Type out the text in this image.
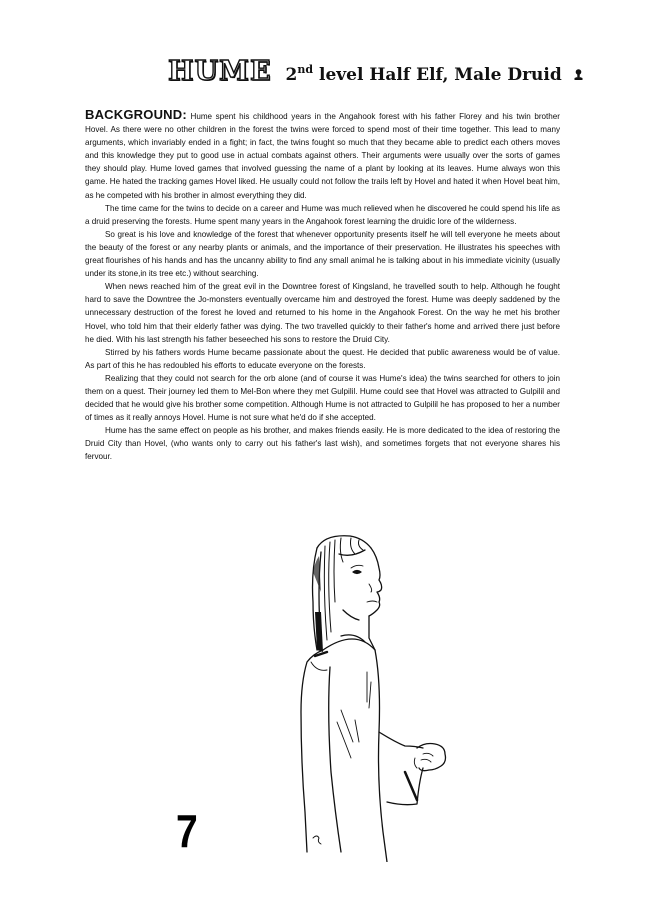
HUME 2nd level Half Elf, Male Druid

BACKGROUND: Hume spent his childhood years in the Angahook forest with his father Florey and his twin brother Hovel. As there were no other children in the forest the twins were forced to spend most of their time together. This lead to many arguments, which invariably ended in a fight; in fact, the twins fought so much that they became able to predict each others moves and this knowledge they put to good use in actual combats against others. Their arguments were usually over the sorts of games they should play. Hume loved games that involved guessing the name of a plant by looking at its leaves. Hume always won this game. He hated the tracking games Hovel liked. He usually could not follow the trails left by Hovel and hated it when Hovel beat him, as he competed with his brother in almost everything they did.

The time came for the twins to decide on a career and Hume was much relieved when he discovered he could spend his life as a druid preserving the forests. Hume spent many years in the Angahook forest learning the druidic lore of the wilderness.

So great is his love and knowledge of the forest that whenever opportunity presents itself he will tell everyone he meets about the beauty of the forest or any nearby plants or animals, and the importance of their preservation. He illustrates his speeches with great flourishes of his hands and has the uncanny ability to find any small animal he is talking about in his immediate vicinity (usually under its stone,in its tree etc.) without searching.

When news reached him of the great evil in the Downtree forest of Kingsland, he travelled south to help. Although he fought hard to save the Downtree the Jo-monsters eventually overcame him and destroyed the forest. Hume was deeply saddened by the unnecessary destruction of the forest he loved and returned to his home in the Angahook Forest. On the way he met his brother Hovel, who told him that their elderly father was dying. The two travelled quickly to their father's home and arrived there just before he died. With his last strength his father beseeched his sons to restore the Druid City.

Stirred by his fathers words Hume became passionate about the quest. He decided that public awareness would be of value. As part of this he has redoubled his efforts to educate everyone on the forests.

Realizing that they could not search for the orb alone (and of course it was Hume's idea) the twins searched for others to join them on a quest. Their journey led them to Mel-Bon where they met Gulpilil. Hume could see that Hovel was attracted to Gulpilil and decided that he would give his brother some competition. Although Hume is not attracted to Gulpilil he has proposed to her a number of times as it really annoys Hovel. Hume is not sure what he'd do if she accepted.

Hume has the same effect on people as his brother, and makes friends easily. He is more dedicated to the idea of restoring the Druid City than Hovel, (who wants only to carry out his father's last wish), and sometimes forgets that not everyone shares his fervour.

7
